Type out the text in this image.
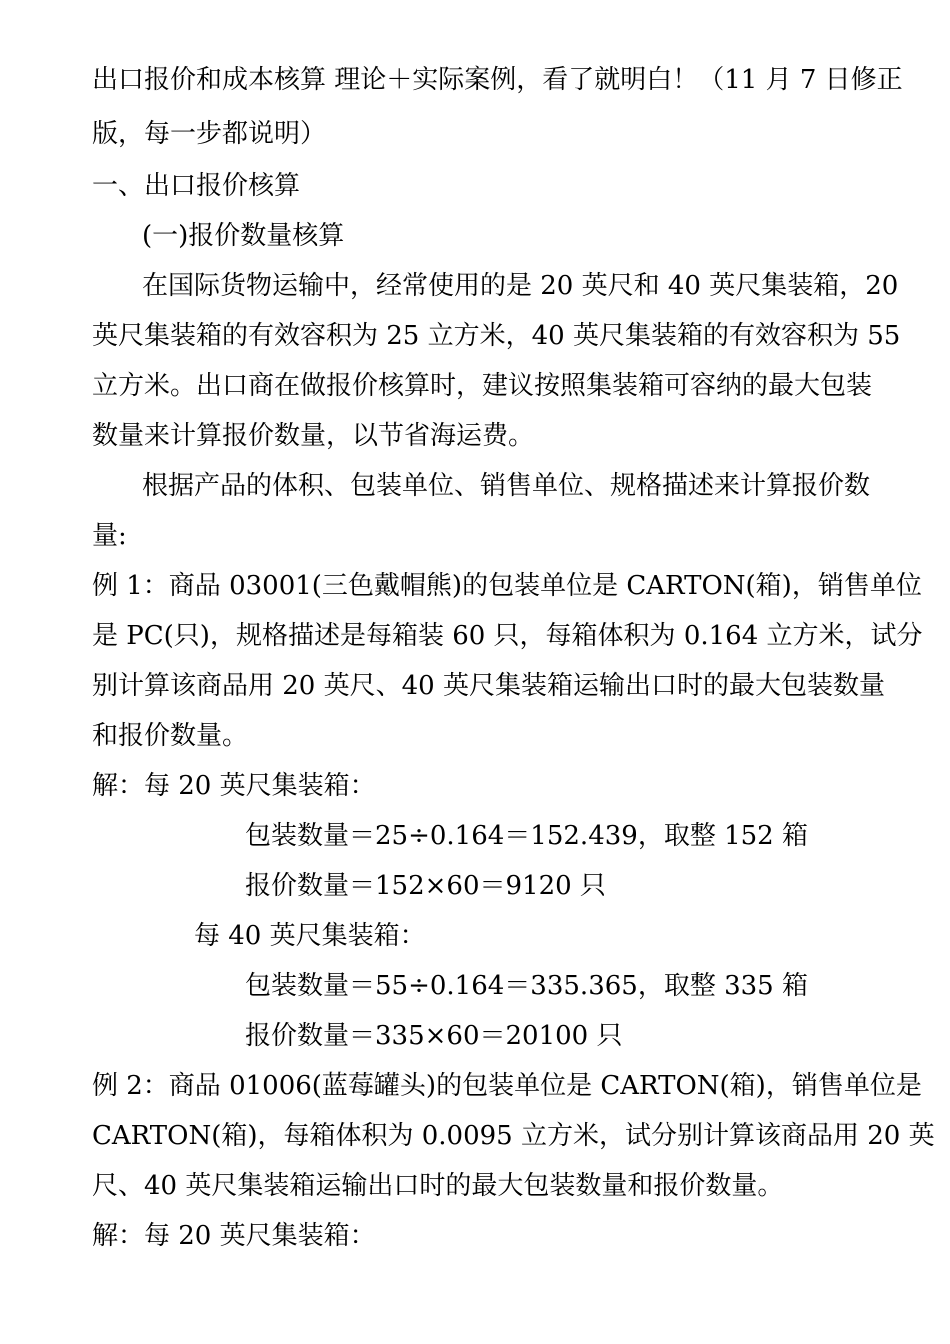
出口报价和成本核算 理论＋实际案例，看了就明白！（11 月 7 日修正
版，每一步都说明）
一、出口报价核算
(一)报价数量核算
在国际货物运输中，经常使用的是 20 英尺和 40 英尺集装箱，20
英尺集装箱的有效容积为 25 立方米，40 英尺集装箱的有效容积为 55
立方米。出口商在做报价核算时，建议按照集装箱可容纳的最大包装
数量来计算报价数量，以节省海运费。
根据产品的体积、包装单位、销售单位、规格描述来计算报价数
量:
例 1：商品 03001(三色戴帽熊)的包装单位是 CARTON(箱)，销售单位
是 PC(只)，规格描述是每箱装 60 只，每箱体积为 0.164 立方米，试分
别计算该商品用 20 英尺、40 英尺集装箱运输出口时的最大包装数量
和报价数量。
解：每 20 英尺集装箱：
包装数量＝25÷0.164＝152.439，取整 152 箱
报价数量＝152×60＝9120 只
每 40 英尺集装箱：
包装数量＝55÷0.164＝335.365，取整 335 箱
报价数量＝335×60＝20100 只
例 2：商品 01006(蓝莓罐头)的包装单位是 CARTON(箱)，销售单位是
CARTON(箱)，每箱体积为 0.0095 立方米，试分别计算该商品用 20 英
尺、40 英尺集装箱运输出口时的最大包装数量和报价数量。
解：每 20 英尺集装箱：
